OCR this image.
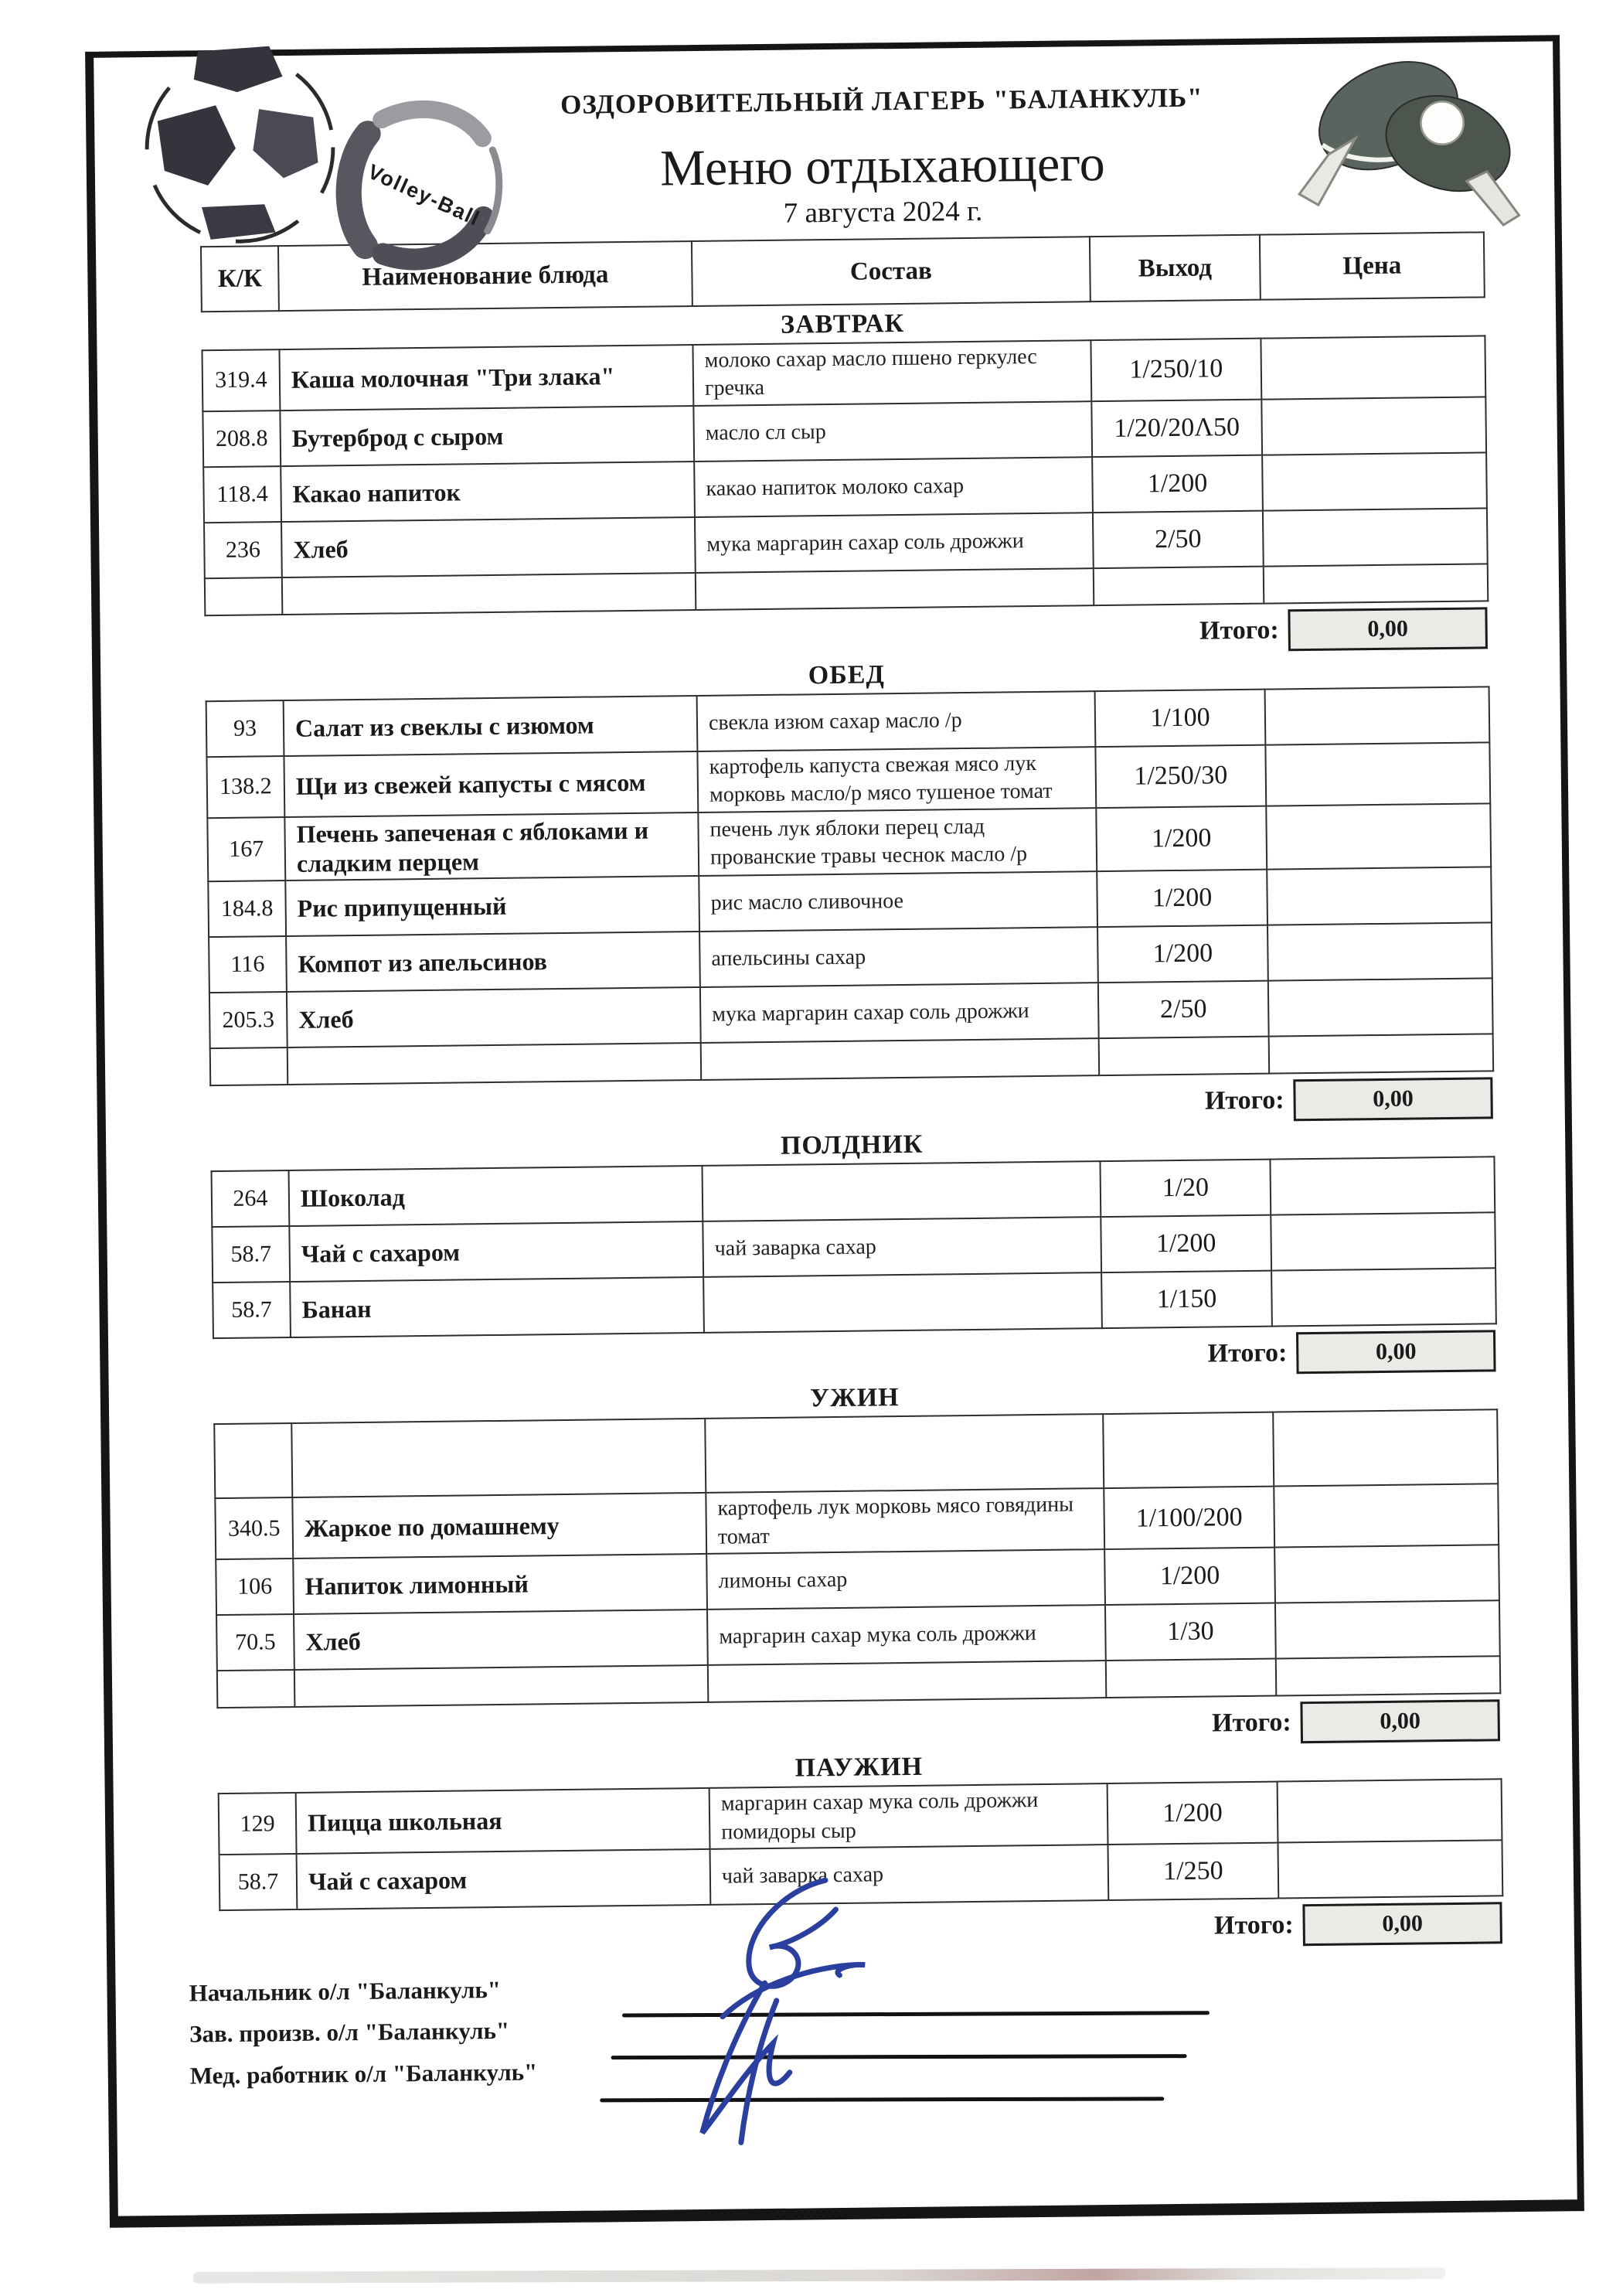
Volley-Ball
ОЗДОРОВИТЕЛЬНЫЙ ЛАГЕРЬ "БАЛАНКУЛЬ"
Меню отдыхающего
7 августа 2024 г.
К/К	Наименование блюда	Состав	Выход	Цена
ЗАВТРАК
319.4	Каша молочная "Три злака"	молоко сахар масло пшено геркулес гречка	1/250/10	
208.8	Бутерброд с сыром	масло сл сыр	1/20/20Λ50	
118.4	Какао напиток	какао напиток молоко сахар	1/200	
236	Хлеб	мука маргарин сахар соль дрожжи	2/50	

Итого:	0,00
ОБЕД
93	Салат из свеклы с изюмом	свекла изюм сахар масло /р	1/100	
138.2	Щи из свежей капусты с мясом	картофель капуста свежая мясо лук морковь масло/р мясо тушеное томат	1/250/30	
167	Печень запеченая с яблоками и сладким перцем	печень лук яблоки перец слад прованские травы чеснок масло /р	1/200	
184.8	Рис припущенный	рис масло сливочное	1/200	
116	Компот из апельсинов	апельсины сахар	1/200	
205.3	Хлеб	мука маргарин сахар соль дрожжи	2/50	

Итого:	0,00
ПОЛДНИК
264	Шоколад		1/20	
58.7	Чай с сахаром	чай заварка сахар	1/200	
58.7	Банан		1/150	
Итого:	0,00
УЖИН

340.5	Жаркое по домашнему	картофель лук морковь мясо говядины томат	1/100/200	
106	Напиток лимонный	лимоны сахар	1/200	
70.5	Хлеб	маргарин сахар мука соль дрожжи	1/30	

Итого:	0,00
ПАУЖИН
129	Пицца школьная	маргарин сахар мука соль дрожжи помидоры сыр	1/200	
58.7	Чай с сахаром	чай заварка сахар	1/250	
Итого:	0,00
Начальник о/л "Баланкуль"
Зав. произв. о/л "Баланкуль"
Мед. работник о/л "Баланкуль"
